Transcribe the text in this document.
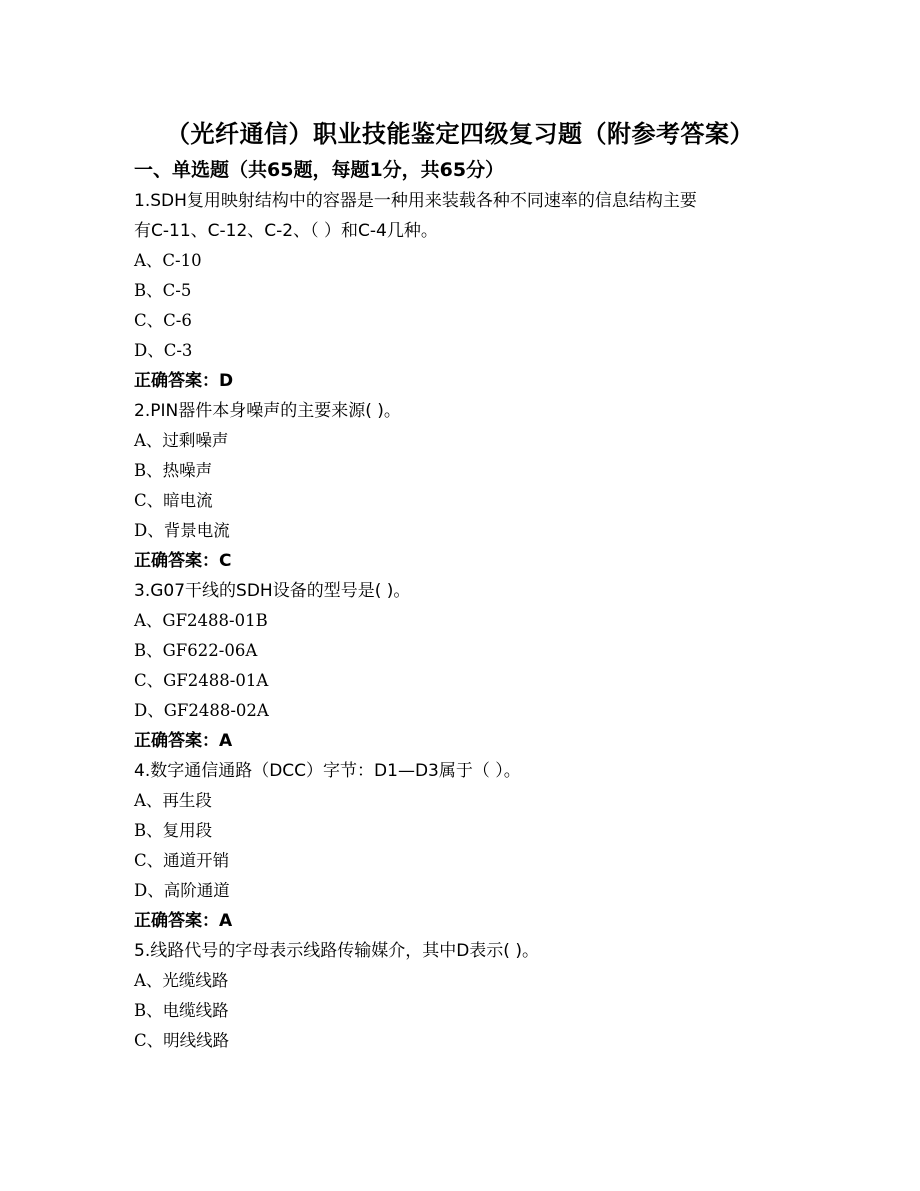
（光纤通信）职业技能鉴定四级复习题（附参考答案）
一、单选题（共65题，每题1分，共65分）
1.SDH复用映射结构中的容器是一种用来装载各种不同速率的信息结构主要
有C-11、C-12、C-2、（ ）和C-4几种。
A、C-10
B、C-5
C、C-6
D、C-3
正确答案：D
2.PIN器件本身噪声的主要来源( )。
A、过剩噪声
B、热噪声
C、暗电流
D、背景电流
正确答案：C
3.G07干线的SDH设备的型号是( )。
A、GF2488-01B
B、GF622-06A
C、GF2488-01A
D、GF2488-02A
正确答案：A
4.数字通信通路（DCC）字节：D1—D3属于（ ）。
A、再生段
B、复用段
C、通道开销
D、高阶通道
正确答案：A
5.线路代号的字母表示线路传输媒介，其中D表示( )。
A、光缆线路
B、电缆线路
C、明线线路
